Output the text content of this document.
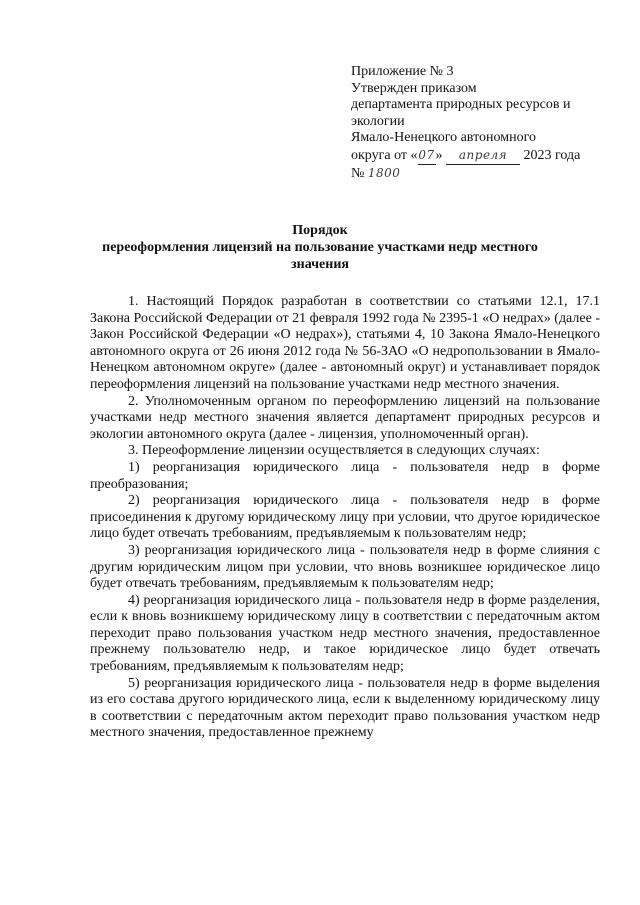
Приложение № 3
Утвержден приказом
департамента природных ресурсов и
экологии
Ямало-Ненецкого автономного
округа от «07» апреля 2023 года
№ 1800
Порядок
переоформления лицензий на пользование участками недр местного значения

1. Настоящий Порядок разработан в соответствии со статьями 12.1, 17.1 Закона Российской Федерации от 21 февраля 1992 года № 2395-1 «О недрах» (далее - Закон Российской Федерации «О недрах»), статьями 4, 10 Закона Ямало-Ненецкого автономного округа от 26 июня 2012 года № 56-ЗАО «О недропользовании в Ямало-Ненецком автономном округе» (далее - автономный округ) и устанавливает порядок переоформления лицензий на пользование участками недр местного значения.

2. Уполномоченным органом по переоформлению лицензий на пользование участками недр местного значения является департамент природных ресурсов и экологии автономного округа (далее - лицензия, уполномоченный орган).

3. Переоформление лицензии осуществляется в следующих случаях:

1) реорганизация юридического лица - пользователя недр в форме преобразования;

2) реорганизация юридического лица - пользователя недр в форме присоединения к другому юридическому лицу при условии, что другое юридическое лицо будет отвечать требованиям, предъявляемым к пользователям недр;

3) реорганизация юридического лица - пользователя недр в форме слияния с другим юридическим лицом при условии, что вновь возникшее юридическое лицо будет отвечать требованиям, предъявляемым к пользователям недр;

4) реорганизация юридического лица - пользователя недр в форме разделения, если к вновь возникшему юридическому лицу в соответствии с передаточным актом переходит право пользования участком недр местного значения, предоставленное прежнему пользователю недр, и такое юридическое лицо будет отвечать требованиям, предъявляемым к пользователям недр;

5) реорганизация юридического лица - пользователя недр в форме выделения из его состава другого юридического лица, если к выделенному юридическому лицу в соответствии с передаточным актом переходит право пользования участком недр местного значения, предоставленное прежнему
